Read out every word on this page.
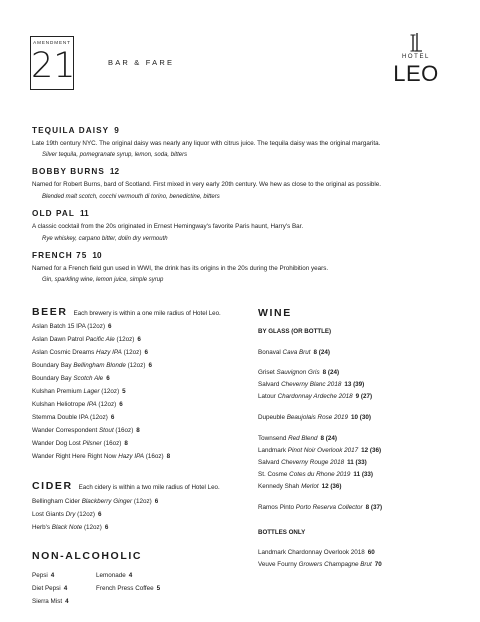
AMENDMENT
21	BAR & FARE
HOTEL
LEO
TEQUILA DAISY 9
Late 19th century NYC. The original daisy was nearly any liquor with citrus juice. The tequila daisy was the original margarita.
Silver tequila, pomegranate syrup, lemon, soda, bitters
BOBBY BURNS 12
Named for Robert Burns, bard of Scotland. First mixed in very early 20th century. We hew as close to the original as possible.
Blended malt scotch, cocchi vermouth di torino, benedictine, bitters
OLD PAL 11
A classic cocktail from the 20s originated in Ernest Hemingway's favorite Paris haunt, Harry's Bar.
Rye whiskey, carpano bitter, dolin dry vermouth
FRENCH 75 10
Named for a French field gun used in WWI, the drink has its origins in the 20s during the Prohibition years.
Gin, sparkling wine, lemon juice, simple syrup
BEER Each brewery is within a one mile radius of Hotel Leo.
Aslan Batch 15 IPA (12oz) 6
Aslan Dawn Patrol Pacific Ale (12oz) 6
Aslan Cosmic Dreams Hazy IPA (12oz) 6
Boundary Bay Bellingham Blonde (12oz) 6
Boundary Bay Scotch Ale 6
Kulshan Premium Lager (12oz) 5
Kulshan Heliotrope IPA (12oz) 6
Stemma Double IPA (12oz) 6
Wander Correspondent Stout (16oz) 8
Wander Dog Lost Pilsner (16oz) 8
Wander Right Here Right Now Hazy IPA (16oz) 8
CIDER Each cidery is within a two mile radius of Hotel Leo.
Bellingham Cider Blackberry Ginger (12oz) 6
Lost Giants Dry (12oz) 6
Herb's Black Note (12oz) 6
NON-ALCOHOLIC
Pepsi 4
Diet Pepsi 4
Sierra Mist 4
Lemonade 4
French Press Coffee 5
WINE
BY GLASS (OR BOTTLE)
Bonaval Cava Brut 8 (24)
Griset Sauvignon Gris 8 (24)
Salvard Cheverny Blanc 2018 13 (39)
Latour Chardonnay Ardeche 2018 9 (27)
Dupeuble Beaujolais Rose 2019 10 (30)
Townsend Red Blend 8 (24)
Landmark Pinot Noir Overlook 2017 12 (36)
Salvard Cheverny Rouge 2018 11 (33)
St. Cosme Cotes du Rhone 2019 11 (33)
Kennedy Shah Merlot 12 (36)
Ramos Pinto Porto Reserva Collector 8 (37)
BOTTLES ONLY
Landmark Chardonnay Overlook 2018 60
Veuve Fourny Growers Champagne Brut 70
